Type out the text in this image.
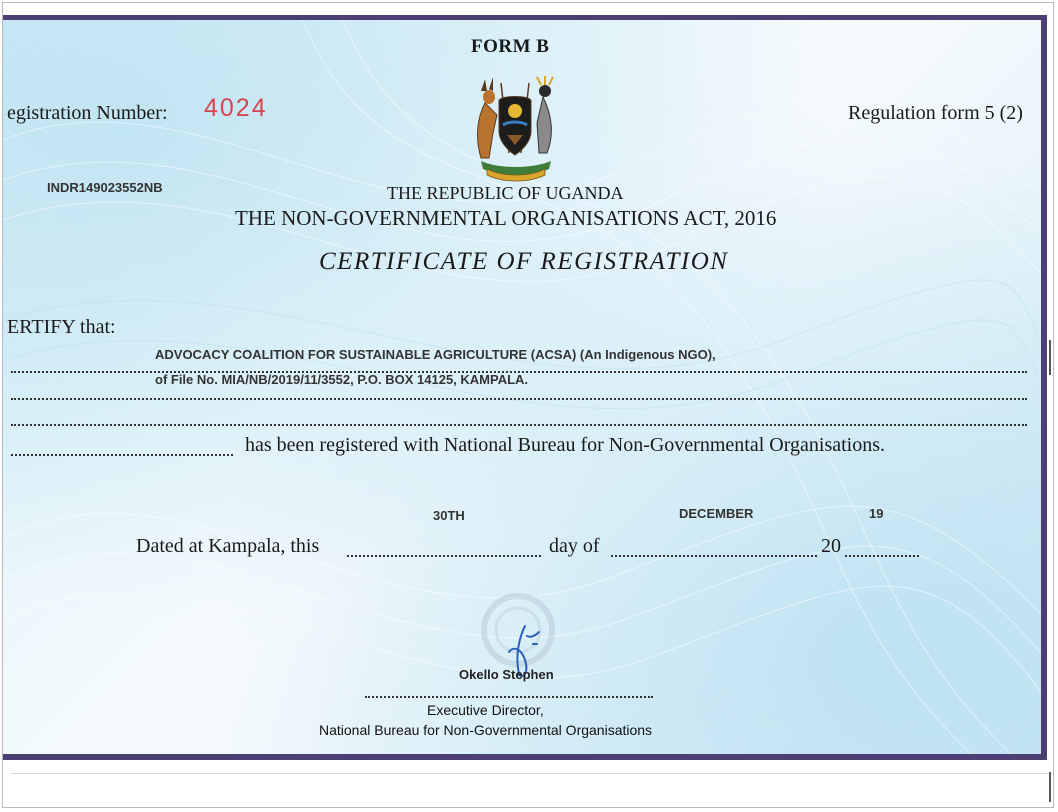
FORM B
egistration Number: 4024	Regulation form 5 (2)
INDR149023552NB	THE REPUBLIC OF UGANDA
THE NON-GOVERNMENTAL ORGANISATIONS ACT, 2016
CERTIFICATE OF REGISTRATION
ERTIFY that:
ADVOCACY COALITION FOR SUSTAINABLE AGRICULTURE (ACSA) (An Indigenous NGO),
of File No. MIA/NB/2019/11/3552, P.O. BOX 14125, KAMPALA.
has been registered with National Bureau for Non-Governmental Organisations.
30TH	DECEMBER	19
Dated at Kampala, this	day of	20
Okello Stephen
Executive Director,
National Bureau for Non-Governmental Organisations
